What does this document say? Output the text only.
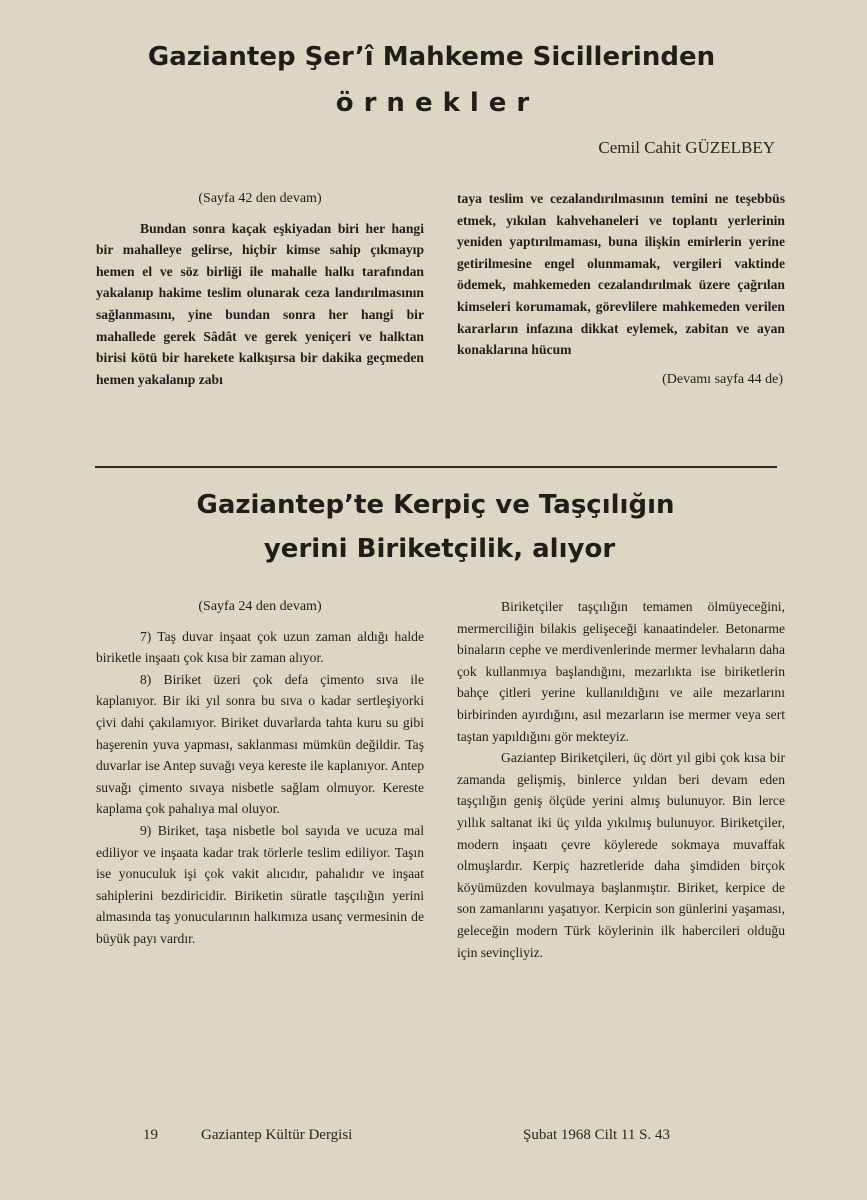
Gaziantep Şer’î Mahkeme Sicillerinden
örnekler
Cemil Cahit GÜZELBEY
(Sayfa 42 den devam)

Bundan sonra kaçak eşkiyadan biri her hangi bir mahalleye gelirse, hiçbir kimse sahip çıkmayıp hemen el ve söz birliği ile mahalle halkı tarafından yakalanıp hakime teslim olunarak ceza landırılmasının sağlanmasını, yine bundan sonra her hangi bir mahallede gerek Sâdât ve gerek yeniçeri ve halktan birisi kötü bir harekete kalkışırsa bir dakika geçmeden hemen yakalanıp zabı

taya teslim ve cezalandırılmasının temini ne teşebbüs etmek, yıkılan kahvehaneleri ve toplantı yerlerinin yeniden yaptırılmaması, buna ilişkin emirlerin yerine getirilmesine engel olunmamak, vergileri vaktinde ödemek, mahkemeden cezalandırılmak üzere çağrılan kimseleri korumamak, görevlilere mahkemeden verilen kararların infazına dikkat eylemek, zabitan ve ayan konaklarına hücum

(Devamı sayfa 44 de)
Gaziantep’te Kerpiç ve Taşçılığın
yerini Biriketçilik, alıyor
(Sayfa 24 den devam)

7) Taş duvar inşaat çok uzun zaman aldığı halde biriketle inşaatı çok kısa bir zaman alıyor.

8) Biriket üzeri çok defa çimento sıva ile kaplanıyor. Bir iki yıl sonra bu sıva o kadar sertleşiyorki çivi dahi çakılamıyor. Biriket duvarlarda tahta kuru su gibi haşerenin yuva yapması, saklanması mümkün değildir. Taş duvarlar ise Antep suvağı veya kereste ile kaplanıyor. Antep suvağı çimento sıvaya nisbetle sağlam olmuyor. Kereste kaplama çok pahalıya mal oluyor.

9) Biriket, taşa nisbetle bol sayıda ve ucuza mal ediliyor ve inşaata kadar trak törlerle teslim ediliyor. Taşın ise yonuculuk işi çok vakit alıcıdır, pahalıdır ve inşaat sahiplerini bezdiricidir. Biriketin süratle taşçılığın yerini almasında taş yonucularının halkımıza usanç vermesinin de büyük payı vardır.

Biriketçiler taşçılığın temamen ölmüyeceğini, mermerciliğin bilakis gelişeceği kanaatindeler. Betonarme binaların cephe ve merdivenlerinde mermer levhaların daha çok kullanmıya başlandığını, mezarlıkta ise biriketlerin bahçe çitleri yerine kullanıldığını ve aile mezarlarını birbirinden ayırdığını, asıl mezarların ise mermer veya sert taştan yapıldığını gör mekteyiz.

Gaziantep Biriketçileri, üç dört yıl gibi çok kısa bir zamanda gelişmiş, binlerce yıldan beri devam eden taşçılığın geniş ölçüde yerini almış bulunuyor. Bin lerce yıllık saltanat iki üç yılda yıkılmış bulunuyor. Biriketçiler, modern inşaatı çevre köylerede sokmaya muvaffak olmuşlardır. Kerpiç hazretleride daha şimdiden birçok köyümüzden kovulmaya başlanmıştır. Biriket, kerpice de son zamanlarını yaşatıyor. Kerpicin son günlerini yaşaması, geleceğin modern Türk köylerinin ilk habercileri olduğu için sevinçliyiz.

19	Gaziantep Kültür Dergisi	Şubat 1968 Cilt 11 S. 43
